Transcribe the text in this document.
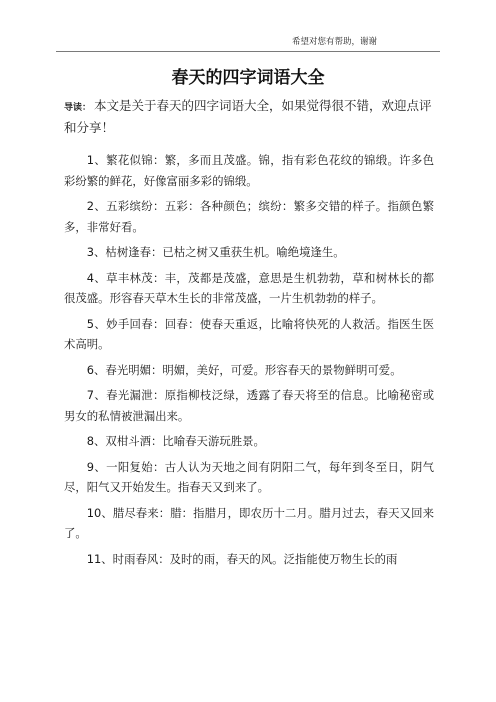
希望对您有帮助，谢谢
春天的四字词语大全

导读： 本文是关于春天的四字词语大全，如果觉得很不错，欢迎点评和分享！

1、繁花似锦：繁，多而且茂盛。锦，指有彩色花纹的锦缎。许多色彩纷繁的鲜花，好像富丽多彩的锦缎。

2、五彩缤纷：五彩：各种颜色；缤纷：繁多交错的样子。指颜色繁多，非常好看。

3、枯树逢春：已枯之树又重获生机。喻绝境逢生。

4、草丰林茂：丰，茂都是茂盛，意思是生机勃勃，草和树林长的都很茂盛。形容春天草木生长的非常茂盛，一片生机勃勃的样子。

5、妙手回春：回春：使春天重返，比喻将快死的人救活。指医生医术高明。

6、春光明媚：明媚，美好，可爱。形容春天的景物鲜明可爱。

7、春光漏泄：原指柳枝泛绿，透露了春天将至的信息。比喻秘密或男女的私情被泄漏出来。

8、双柑斗酒：比喻春天游玩胜景。

9、一阳复始：古人认为天地之间有阴阳二气，每年到冬至日，阴气尽，阳气又开始发生。指春天又到来了。

10、腊尽春来：腊：指腊月，即农历十二月。腊月过去，春天又回来了。

11、时雨春风：及时的雨，春天的风。泛指能使万物生长的雨
